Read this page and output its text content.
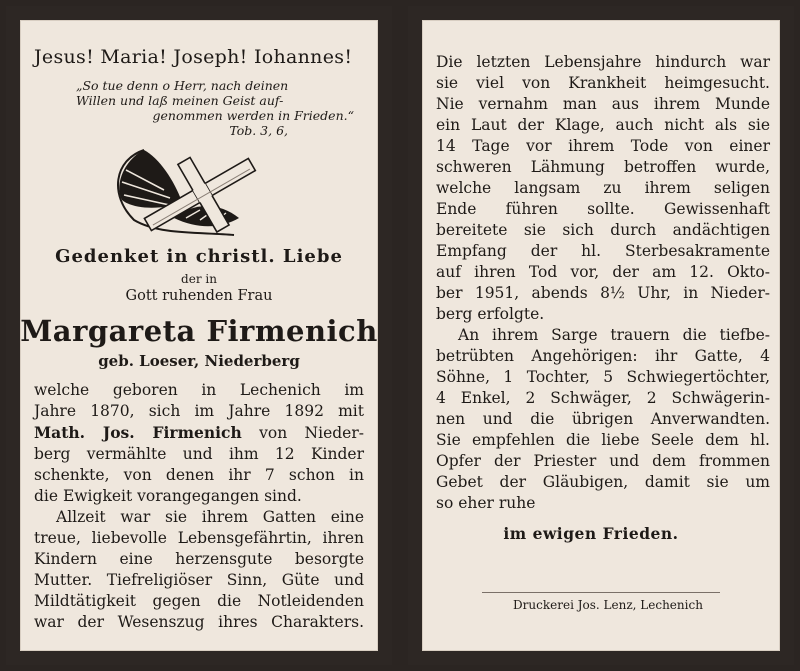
Jesus! Maria! Joseph! Iohannes!
„So tue denn o Herr, nach deinen
Willen und laß meinen Geist auf-
genommen werden in Frieden.“
Tob. 3, 6,
Gedenket in christl. Liebe
der in
Gott ruhenden Frau
Margareta Firmenich
geb. Loeser, Niederberg
welche geboren in Lechenich im
Jahre 1870, sich im Jahre 1892 mit
Math. Jos. Firmenich von Nieder-
berg vermählte und ihm 12 Kinder
schenkte, von denen ihr 7 schon in
die Ewigkeit vorangegangen sind.
Allzeit war sie ihrem Gatten eine
treue, liebevolle Lebensgefährtin, ihren
Kindern eine herzensgute besorgte
Mutter. Tiefreligiöser Sinn, Güte und
Mildtätigkeit gegen die Notleidenden
war der Wesenszug ihres Charakters.
Die letzten Lebensjahre hindurch war
sie viel von Krankheit heimgesucht.
Nie vernahm man aus ihrem Munde
ein Laut der Klage, auch nicht als sie
14 Tage vor ihrem Tode von einer
schweren Lähmung betroffen wurde,
welche langsam zu ihrem seligen
Ende führen sollte. Gewissenhaft
bereitete sie sich durch andächtigen
Empfang der hl. Sterbesakramente
auf ihren Tod vor, der am 12. Okto-
ber 1951, abends 8½ Uhr, in Nieder-
berg erfolgte.
An ihrem Sarge trauern die tiefbe-
betrübten Angehörigen: ihr Gatte, 4
Söhne, 1 Tochter, 5 Schwiegertöchter,
4 Enkel, 2 Schwäger, 2 Schwägerin-
nen und die übrigen Anverwandten.
Sie empfehlen die liebe Seele dem hl.
Opfer der Priester und dem frommen
Gebet der Gläubigen, damit sie um
so eher ruhe
im ewigen Frieden.
Druckerei Jos. Lenz, Lechenich
